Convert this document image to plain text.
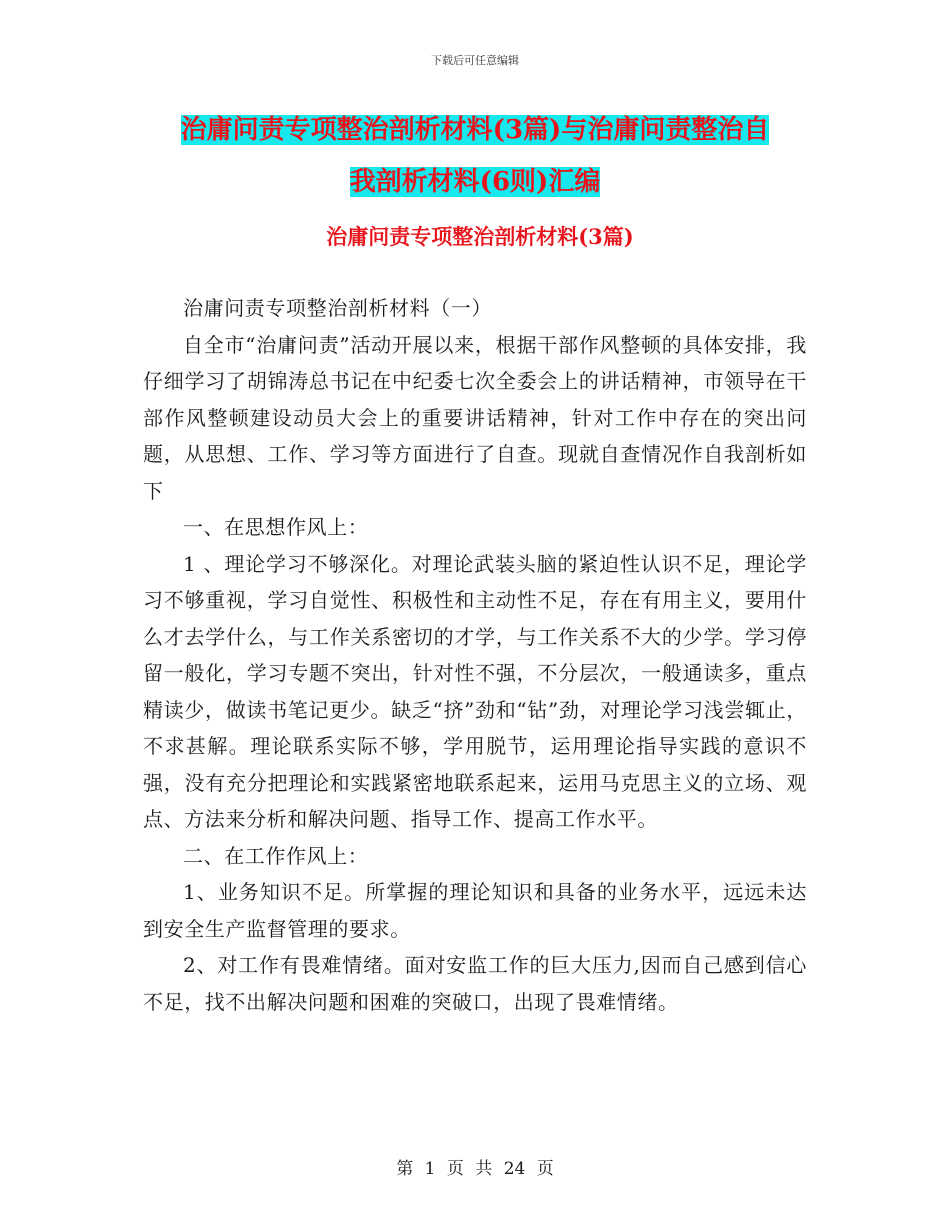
下载后可任意编辑
治庸问责专项整治剖析材料(3篇)与治庸问责整治自
我剖析材料(6则)汇编
治庸问责专项整治剖析材料(3篇)

治庸问责专项整治剖析材料（一）

自全市“治庸问责”活动开展以来，根据干部作风整顿的具体安排，我仔细学习了胡锦涛总书记在中纪委七次全委会上的讲话精神，市领导在干部作风整顿建设动员大会上的重要讲话精神，针对工作中存在的突出问题，从思想、工作、学习等方面进行了自查。现就自查情况作自我剖析如下

一、在思想作风上：

1 、理论学习不够深化。对理论武装头脑的紧迫性认识不足，理论学习不够重视，学习自觉性、积极性和主动性不足，存在有用主义，要用什么才去学什么，与工作关系密切的才学，与工作关系不大的少学。学习停留一般化，学习专题不突出，针对性不强，不分层次，一般通读多，重点精读少，做读书笔记更少。缺乏“挤”劲和“钻”劲，对理论学习浅尝辄止，不求甚解。理论联系实际不够，学用脱节，运用理论指导实践的意识不强，没有充分把理论和实践紧密地联系起来，运用马克思主义的立场、观点、方法来分析和解决问题、指导工作、提高工作水平。

二、在工作作风上：

1、业务知识不足。所掌握的理论知识和具备的业务水平，远远未达到安全生产监督管理的要求。

2、对工作有畏难情绪。面对安监工作的巨大压力,因而自己感到信心不足，找不出解决问题和困难的突破口，出现了畏难情绪。

第 1 页 共 24 页
